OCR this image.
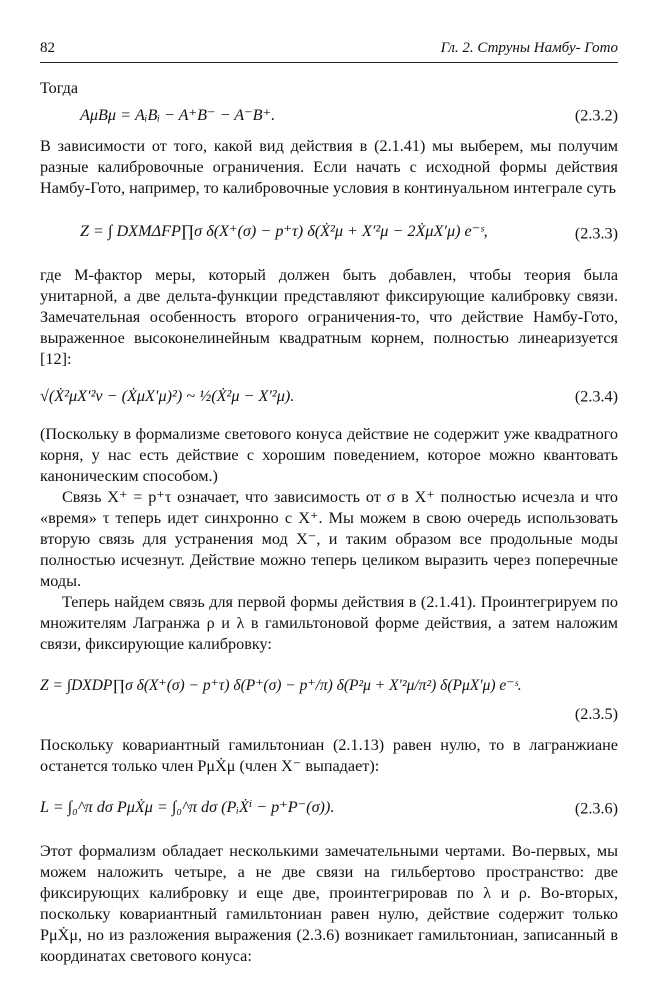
82	Гл. 2. Струны Намбу- Гото

Тогда

AμBμ = AᵢBᵢ − A⁺B⁻ − A⁻B⁺.	(2.3.2)

В зависимости от того, какой вид действия в (2.1.41) мы выберем, мы получим разные калибровочные ограничения. Если начать с исходной формы действия Намбу-Гото, например, то калибровочные условия в континуальном интеграле суть

Z = ∫ DXMΔFP∏σ δ(X⁺(σ) − p⁺τ) δ(Ẋ²μ + X′²μ − 2ẊμX′μ) e⁻ˢ,	(2.3.3)

где M-фактор меры, который должен быть добавлен, чтобы теория была унитарной, а две дельта-функции представляют фиксирующие калибровку связи. Замечательная особенность второго ограничения-то, что действие Намбу-Гото, выраженное высоконелинейным квадратным корнем, полностью линеаризуется [12]:

√(Ẋ²μX′²ν − (ẊμX′μ)²) ~ ½(Ẋ²μ − X′²μ).	(2.3.4)

(Поскольку в формализме светового конуса действие не содержит уже квадратного корня, у нас есть действие с хорошим поведением, которое можно квантовать каноническим способом.)

Связь X⁺ = p⁺τ означает, что зависимость от σ в X⁺ полностью исчезла и что «время» τ теперь идет синхронно с X⁺. Мы можем в свою очередь использовать вторую связь для устранения мод X⁻, и таким образом все продольные моды полностью исчезнут. Действие можно теперь целиком выразить через поперечные моды.

Теперь найдем связь для первой формы действия в (2.1.41). Проинтегрируем по множителям Лагранжа ρ и λ в гамильтоновой форме действия, а затем наложим связи, фиксирующие калибровку:

Z = ∫DXDP∏σ δ(X⁺(σ) − p⁺τ) δ(P⁺(σ) − p⁺/π) δ(P²μ + X′²μ/π²) δ(PμX′μ) e⁻ˢ.
(2.3.5)

Поскольку ковариантный гамильтониан (2.1.13) равен нулю, то в лагранжиане останется только член PμẊμ (член X⁻ выпадает):

L = ∫₀^π dσ PμẊμ = ∫₀^π dσ (PᵢẊⁱ − p⁺P⁻(σ)).	(2.3.6)

Этот формализм обладает несколькими замечательными чертами. Во-первых, мы можем наложить четыре, а не две связи на гильбертово пространство: две фиксирующих калибровку и еще две, проинтегрировав по λ и ρ. Во-вторых, поскольку ковариантный гамильтониан равен нулю, действие содержит только PμẊμ, но из разложения выражения (2.3.6) возникает гамильтониан, записанный в координатах светового конуса:
